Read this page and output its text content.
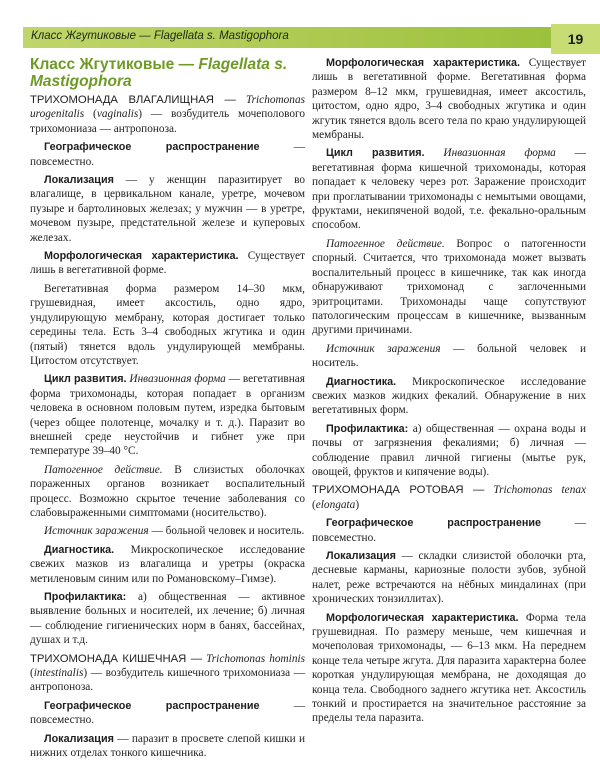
Класс Жгутиковые — Flagellata s. Mastigophora	19
Класс Жгутиковые — Flagellata s. Mastigophora

ТРИХОМОНАДА ВЛАГАЛИЩНАЯ — Trichomonas urogenitalis (vaginalis) — возбудитель мочеполового трихомониаза — антропоноза.

Географическое распространение — повсеместно.

Локализация — у женщин паразитирует во влагалище, в цервикальном канале, уретре, мочевом пузыре и бартолиновых железах; у мужчин — в уретре, мочевом пузыре, предстательной железе и куперовых железах.

Морфологическая характеристика. Существует лишь в вегетативной форме.

Вегетативная форма размером 14–30 мкм, грушевидная, имеет аксостиль, одно ядро, ундулирующую мембрану, которая достигает только середины тела. Есть 3–4 свободных жгутика и один (пятый) тянется вдоль ундулирующей мембраны. Цитостом отсутствует.

Цикл развития. Инвазионная форма — вегетативная форма трихомонады, которая попадает в организм человека в основном половым путем, изредка бытовым (через общее полотенце, мочалку и т. д.). Паразит во внешней среде неустойчив и гибнет уже при температуре 39–40 °С.

Патогенное действие. В слизистых оболочках пораженных органов возникает воспалительный процесс. Возможно скрытое течение заболевания со слабовыраженными симптомами (носительство).

Источник заражения — больной человек и носитель.

Диагностика. Микроскопическое исследование свежих мазков из влагалища и уретры (окраска метиленовым синим или по Романовскому–Гимзе).

Профилактика: а) общественная — активное выявление больных и носителей, их лечение; б) личная — соблюдение гигиенических норм в банях, бассейнах, душах и т.д.

ТРИХОМОНАДА КИШЕЧНАЯ — Trichomonas hominis (intestinalis) — возбудитель кишечного трихомониаза — антропоноза.

Географическое распространение — повсеместно.

Локализация — паразит в просвете слепой кишки и нижних отделах тонкого кишечника.

Морфологическая характеристика. Существует лишь в вегетативной форме. Вегетативная форма размером 8–12 мкм, грушевидная, имеет аксостиль, цитостом, одно ядро, 3–4 свободных жгутика и один жгутик тянется вдоль всего тела по краю ундулирующей мембраны.

Цикл развития. Инвазионная форма — вегетативная форма кишечной трихомонады, которая попадает к человеку через рот. Заражение происходит при проглатывании трихомонады с немытыми овощами, фруктами, некипяченой водой, т.е. фекально-оральным способом.

Патогенное действие. Вопрос о патогенности спорный. Считается, что трихомонада может вызвать воспалительный процесс в кишечнике, так как иногда обнаруживают трихомонад с заглоченными эритроцитами. Трихомонады чаще сопутствуют патологическим процессам в кишечнике, вызванным другими причинами.

Источник заражения — больной человек и носитель.

Диагностика. Микроскопическое исследование свежих мазков жидких фекалий. Обнаружение в них вегетативных форм.

Профилактика: а) общественная — охрана воды и почвы от загрязнения фекалиями; б) личная — соблюдение правил личной гигиены (мытье рук, овощей, фруктов и кипячение воды).

ТРИХОМОНАДА РОТОВАЯ — Trichomonas tenax (elongata)

Географическое распространение — повсеместно.

Локализация — складки слизистой оболочки рта, десневые карманы, кариозные полости зубов, зубной налет, реже встречаются на нёбных миндалинах (при хронических тонзиллитах).

Морфологическая характеристика. Форма тела грушевидная. По размеру меньше, чем кишечная и мочеполовая трихомонады, — 6–13 мкм. На переднем конце тела четыре жгута. Для паразита характерна более короткая ундулирующая мембрана, не доходящая до конца тела. Свободного заднего жгутика нет. Аксостиль тонкий и простирается на значительное расстояние за пределы тела паразита.
